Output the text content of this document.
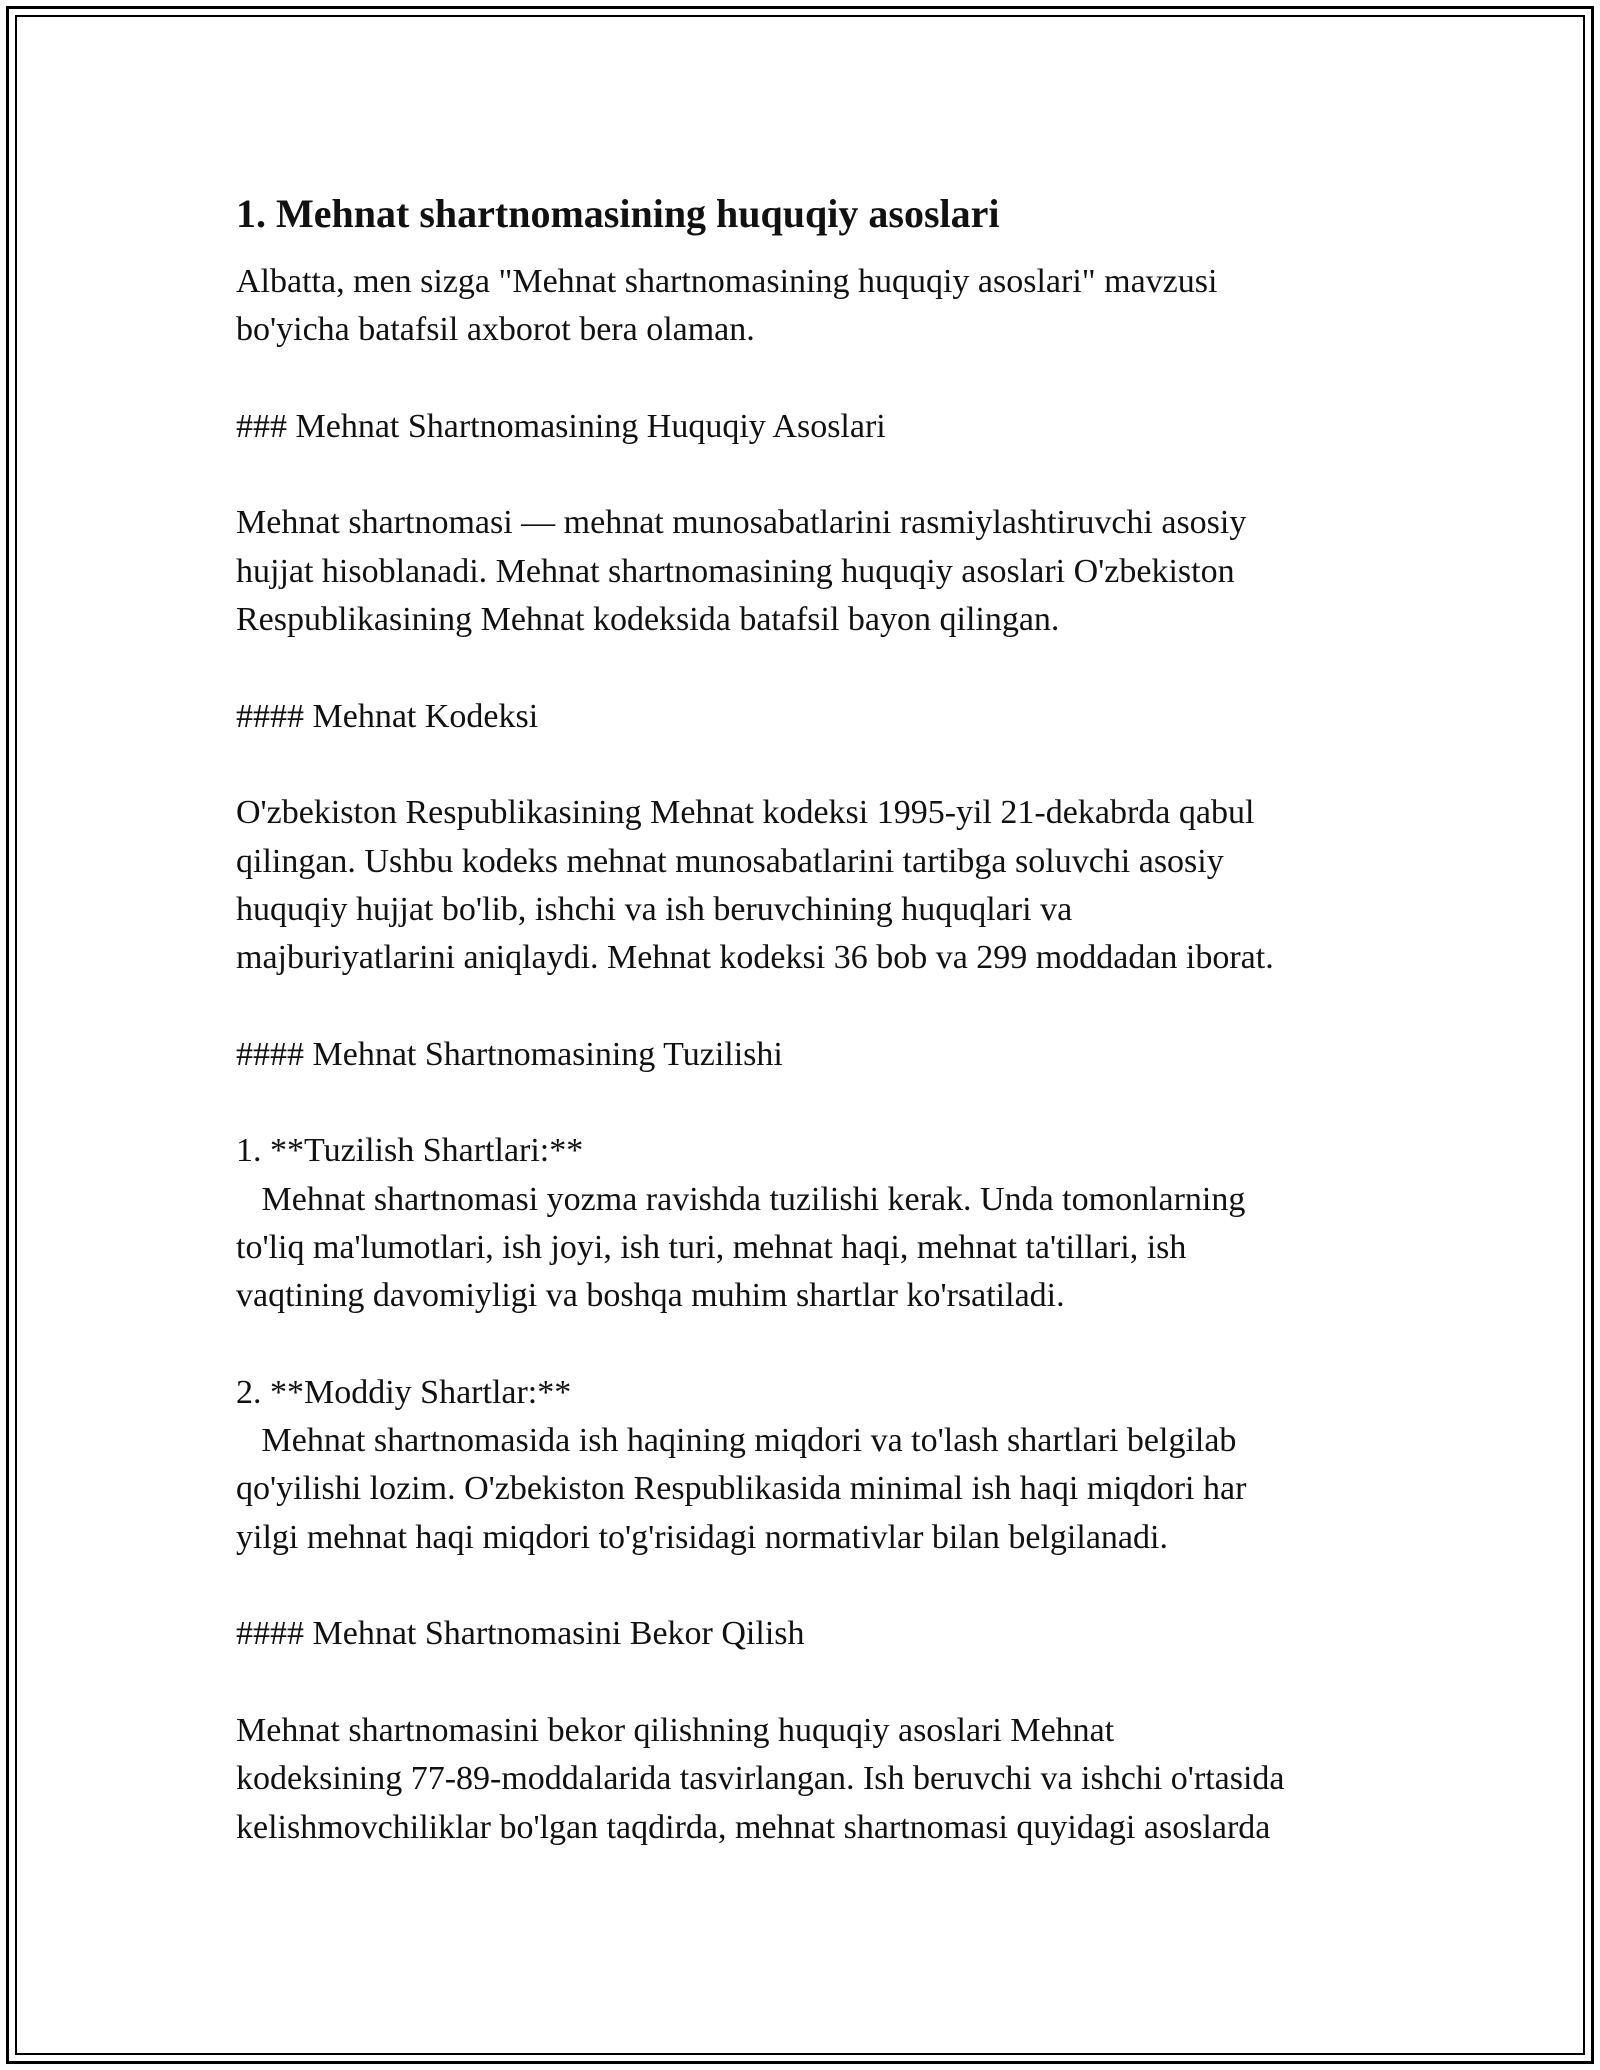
1. Mehnat shartnomasining huquqiy asoslari
Albatta, men sizga "Mehnat shartnomasining huquqiy asoslari" mavzusi
bo'yicha batafsil axborot bera olaman.
### Mehnat Shartnomasining Huquqiy Asoslari
Mehnat shartnomasi — mehnat munosabatlarini rasmiylashtiruvchi asosiy
hujjat hisoblanadi. Mehnat shartnomasining huquqiy asoslari O'zbekiston
Respublikasining Mehnat kodeksida batafsil bayon qilingan.
#### Mehnat Kodeksi
O'zbekiston Respublikasining Mehnat kodeksi 1995-yil 21-dekabrda qabul
qilingan. Ushbu kodeks mehnat munosabatlarini tartibga soluvchi asosiy
huquqiy hujjat bo'lib, ishchi va ish beruvchining huquqlari va
majburiyatlarini aniqlaydi. Mehnat kodeksi 36 bob va 299 moddadan iborat.
#### Mehnat Shartnomasining Tuzilishi
1. **Tuzilish Shartlari:**
Mehnat shartnomasi yozma ravishda tuzilishi kerak. Unda tomonlarning
to'liq ma'lumotlari, ish joyi, ish turi, mehnat haqi, mehnat ta'tillari, ish
vaqtining davomiyligi va boshqa muhim shartlar ko'rsatiladi.
2. **Moddiy Shartlar:**
Mehnat shartnomasida ish haqining miqdori va to'lash shartlari belgilab
qo'yilishi lozim. O'zbekiston Respublikasida minimal ish haqi miqdori har
yilgi mehnat haqi miqdori to'g'risidagi normativlar bilan belgilanadi.
#### Mehnat Shartnomasini Bekor Qilish
Mehnat shartnomasini bekor qilishning huquqiy asoslari Mehnat
kodeksining 77-89-moddalarida tasvirlangan. Ish beruvchi va ishchi o'rtasida
kelishmovchiliklar bo'lgan taqdirda, mehnat shartnomasi quyidagi asoslarda
